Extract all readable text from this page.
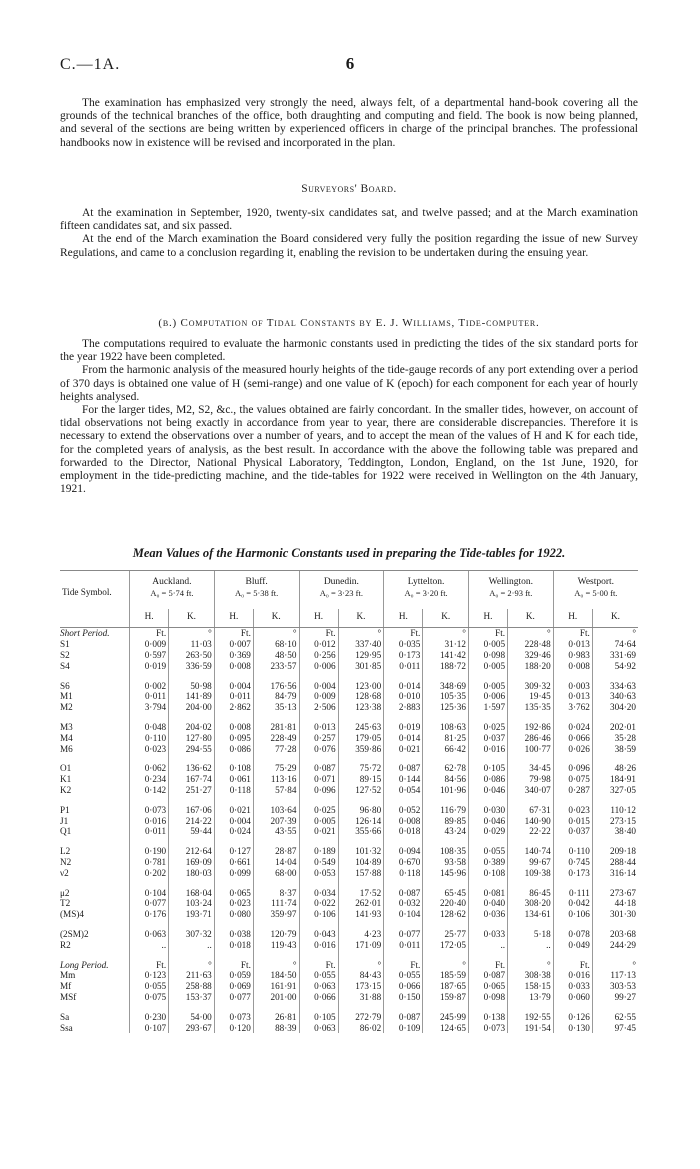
C.—1A.	6

The examination has emphasized very strongly the need, always felt, of a departmental hand-book covering all the grounds of the technical branches of the office, both draughting and computing and field. The book is now being planned, and several of the sections are being written by experienced officers in charge of the principal branches. The professional handbooks now in existence will be revised and incorporated in the plan.

Surveyors' Board.

At the examination in September, 1920, twenty-six candidates sat, and twelve passed; and at the March examination fifteen candidates sat, and six passed.

At the end of the March examination the Board considered very fully the position regarding the issue of new Survey Regulations, and came to a conclusion regarding it, enabling the revision to be undertaken during the ensuing year.

(b.) Computation of Tidal Constants by E. J. Williams, Tide-computer.

The computations required to evaluate the harmonic constants used in predicting the tides of the six standard ports for the year 1922 have been completed.

From the harmonic analysis of the measured hourly heights of the tide-gauge records of any port extending over a period of 370 days is obtained one value of H (semi-range) and one value of K (epoch) for each component for each year of hourly heights analysed.

For the larger tides, M2, S2, &c., the values obtained are fairly concordant. In the smaller tides, however, on account of tidal observations not being exactly in accordance from year to year, there are considerable discrepancies. Therefore it is necessary to extend the observations over a number of years, and to accept the mean of the values of H and K for each tide, for the completed years of analysis, as the best result. In accordance with the above the following table was prepared and forwarded to the Director, National Physical Laboratory, Teddington, London, England, on the 1st June, 1920, for employment in the tide-predicting machine, and the tide-tables for 1922 were received in Wellington on the 4th January, 1921.

Mean Values of the Harmonic Constants used in preparing the Tide-tables for 1922.
Tide Symbol.	Auckland.		Bluff.		Dunedin.		Lyttelton.		Wellington.		Westport.	
	A₀ = 5·74 ft.		A₀ = 5·38 ft.		A₀ = 3·23 ft.		A₀ = 3·20 ft.		A₀ = 2·93 ft.		A₀ = 5·00 ft.	
	H.	K.	H.	K.	H.	K.	H.	K.	H.	K.	H.	K.
Short Period.	Ft.	°	Ft.	°	Ft.	°	Ft.	°	Ft.	°	Ft.	°
S1	0·009	11·03	0·007	68·10	0·012	337·40	0·035	31·12	0·005	228·48	0·013	74·64
S2	0·597	263·50	0·369	48·50	0·256	129·95	0·173	141·42	0·098	329·46	0·983	331·69
S4	0·019	336·59	0·008	233·57	0·006	301·85	0·011	188·72	0·005	188·20	0·008	54·92
S6	0·002	50·98	0·004	176·56	0·004	123·00	0·014	348·69	0·005	309·32	0·003	334·63
M1	0·011	141·89	0·011	84·79	0·009	128·68	0·010	105·35	0·006	19·45	0·013	340·63
M2	3·794	204·00	2·862	35·13	2·506	123·38	2·883	125·36	1·597	135·35	3·762	304·20
M3	0·048	204·02	0·008	281·81	0·013	245·63	0·019	108·63	0·025	192·86	0·024	202·01
M4	0·110	127·80	0·095	228·49	0·257	179·05	0·014	81·25	0·037	286·46	0·066	35·28
M6	0·023	294·55	0·086	77·28	0·076	359·86	0·021	66·42	0·016	100·77	0·026	38·59
O1	0·062	136·62	0·108	75·29	0·087	75·72	0·087	62·78	0·105	34·45	0·096	48·26
K1	0·234	167·74	0·061	113·16	0·071	89·15	0·144	84·56	0·086	79·98	0·075	184·91
K2	0·142	251·27	0·118	57·84	0·096	127·52	0·054	101·96	0·046	340·07	0·287	327·05
P1	0·073	167·06	0·021	103·64	0·025	96·80	0·052	116·79	0·030	67·31	0·023	110·12
J1	0·016	214·22	0·004	207·39	0·005	126·14	0·008	89·85	0·046	140·90	0·015	273·15
Q1	0·011	59·44	0·024	43·55	0·021	355·66	0·018	43·24	0·029	22·22	0·037	38·40
L2	0·190	212·64	0·127	28·87	0·189	101·32	0·094	108·35	0·055	140·74	0·110	209·18
N2	0·781	169·09	0·661	14·04	0·549	104·89	0·670	93·58	0·389	99·67	0·745	288·44
ν2	0·202	180·03	0·099	68·00	0·053	157·88	0·118	145·96	0·108	109·38	0·173	316·14
μ2	0·104	168·04	0·065	8·37	0·034	17·52	0·087	65·45	0·081	86·45	0·111	273·67
T2	0·077	103·24	0·023	111·74	0·022	262·01	0·032	220·40	0·040	308·20	0·042	44·18
(MS)4	0·176	193·71	0·080	359·97	0·106	141·93	0·104	128·62	0·036	134·61	0·106	301·30
(2SM)2	0·063	307·32	0·038	120·79	0·043	4·23	0·077	25·77	0·033	5·18	0·078	203·68
R2	..	..	0·018	119·43	0·016	171·09	0·011	172·05	..	..	0·049	244·29
Long Period.	Ft.	°	Ft.	°	Ft.	°	Ft.	°	Ft.	°	Ft.	°
Mm	0·123	211·63	0·059	184·50	0·055	84·43	0·055	185·59	0·087	308·38	0·016	117·13
Mf	0·055	258·88	0·069	161·91	0·063	173·15	0·066	187·65	0·065	158·15	0·033	303·53
MSf	0·075	153·37	0·077	201·00	0·066	31·88	0·150	159·87	0·098	13·79	0·060	99·27
Sa	0·230	54·00	0·073	26·81	0·105	272·79	0·087	245·99	0·138	192·55	0·126	62·55
Ssa	0·107	293·67	0·120	88·39	0·063	86·02	0·109	124·65	0·073	191·54	0·130	97·45
